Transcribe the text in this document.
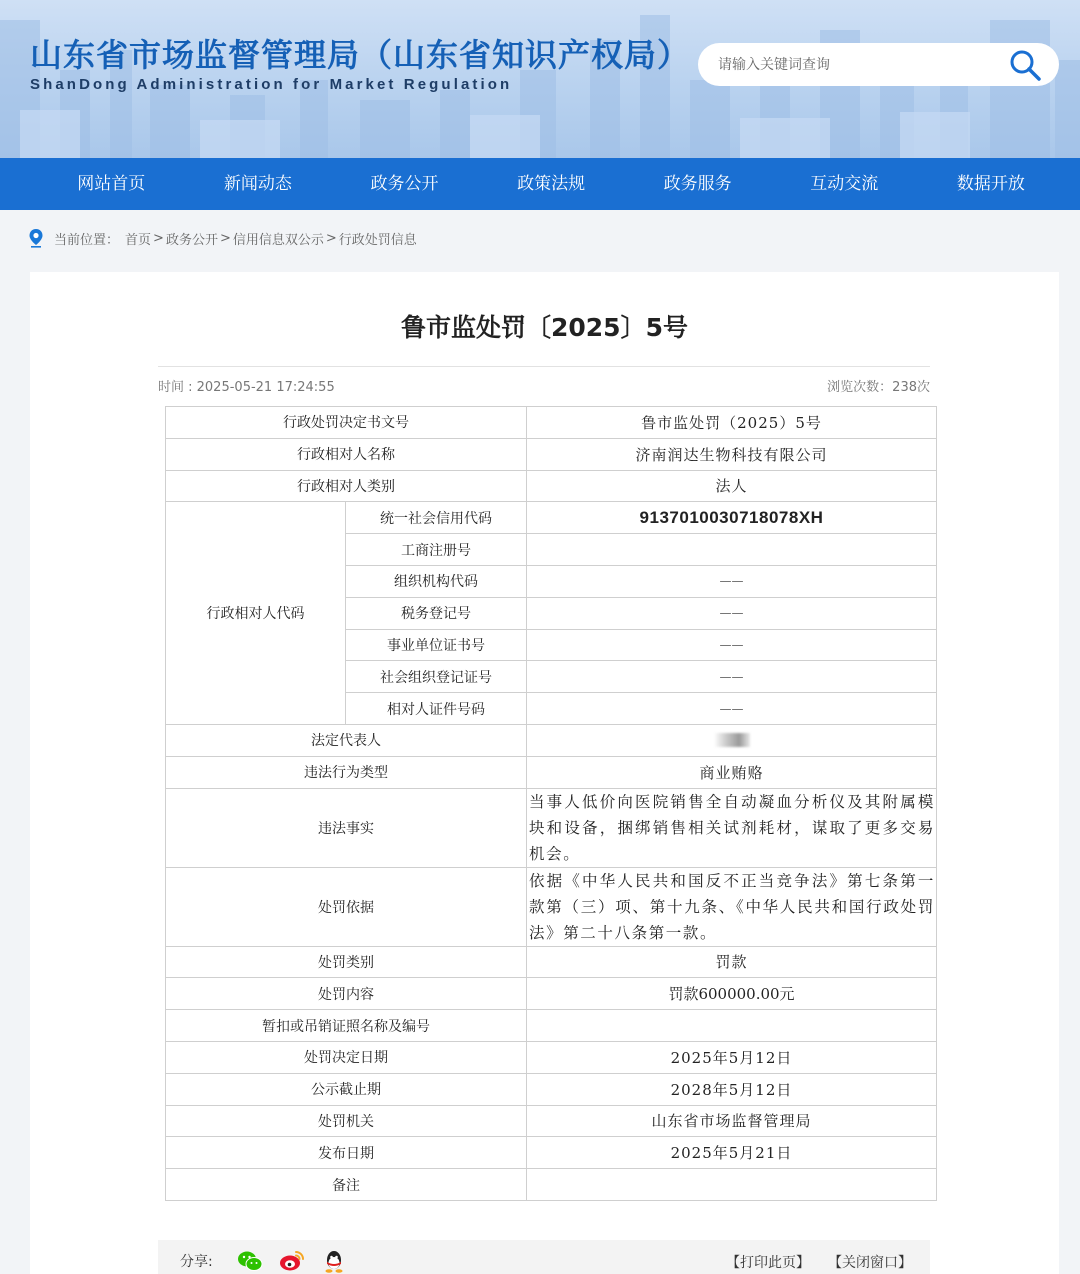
山东省市场监督管理局（山东省知识产权局）
ShanDong Administration for Market Regulation
请输入关键词查询
网站首页	新闻动态	政务公开	政策法规	政务服务	互动交流	数据开放
当前位置： 首页 > 政务公开 > 信用信息双公示 > 行政处罚信息
鲁市监处罚〔2025〕5号
时间 : 2025-05-21 17:24:55	浏览次数：238次
行政处罚决定书文号		鲁市监处罚（2025）5号
行政相对人名称		济南润达生物科技有限公司
行政相对人类别		法人
行政相对人代码	统一社会信用代码	9137010030718078XH
	工商注册号	
	组织机构代码	——
	税务登记号	——
	事业单位证书号	——
	社会组织登记证号	——
	相对人证件号码	——
法定代表人		
违法行为类型		商业贿赂
违法事实		当事人低价向医院销售全自动凝血分析仪及其附属模块和设备，捆绑销售相关试剂耗材，谋取了更多交易机会。
处罚依据		依据《中华人民共和国反不正当竞争法》第七条第一款第（三）项、第十九条、《中华人民共和国行政处罚法》第二十八条第一款。
处罚类别		罚款
处罚内容		罚款600000.00元
暂扣或吊销证照名称及编号		
处罚决定日期		2025年5月12日
公示截止期		2028年5月12日
处罚机关		山东省市场监督管理局
发布日期		2025年5月21日
备注		
分享:	【打印此页】 【关闭窗口】
